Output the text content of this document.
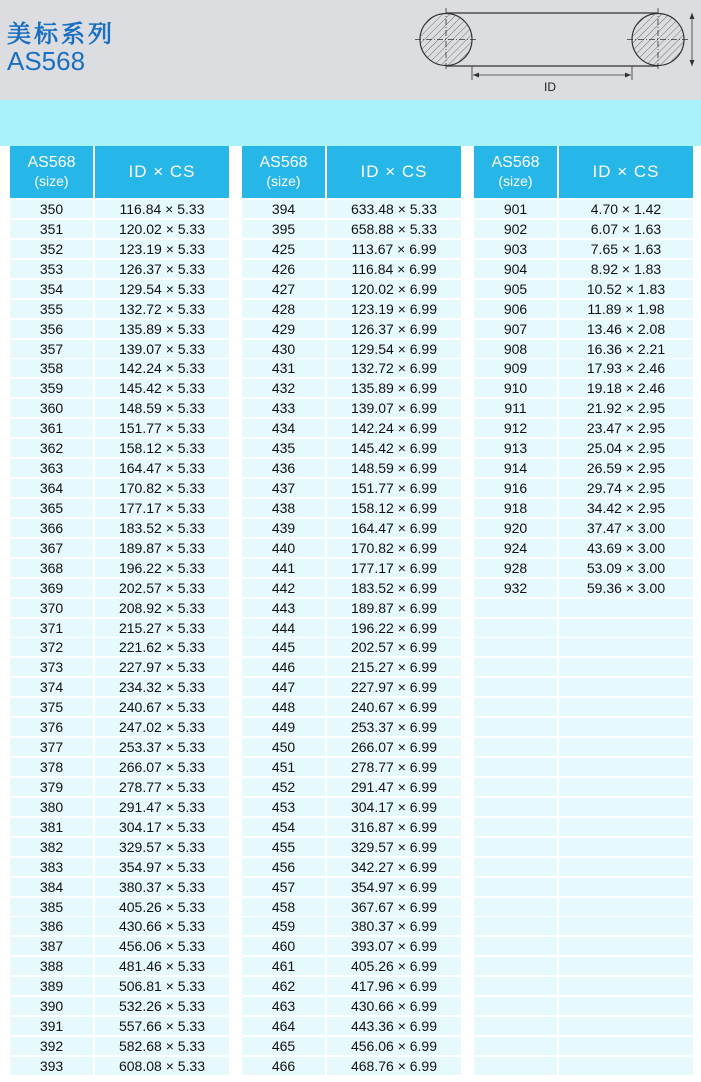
美标系列
AS568
ID
AS568
(size)	ID × CS
350	116.84 × 5.33
351	120.02 × 5.33
352	123.19 × 5.33
353	126.37 × 5.33
354	129.54 × 5.33
355	132.72 × 5.33
356	135.89 × 5.33
357	139.07 × 5.33
358	142.24 × 5.33
359	145.42 × 5.33
360	148.59 × 5.33
361	151.77 × 5.33
362	158.12 × 5.33
363	164.47 × 5.33
364	170.82 × 5.33
365	177.17 × 5.33
366	183.52 × 5.33
367	189.87 × 5.33
368	196.22 × 5.33
369	202.57 × 5.33
370	208.92 × 5.33
371	215.27 × 5.33
372	221.62 × 5.33
373	227.97 × 5.33
374	234.32 × 5.33
375	240.67 × 5.33
376	247.02 × 5.33
377	253.37 × 5.33
378	266.07 × 5.33
379	278.77 × 5.33
380	291.47 × 5.33
381	304.17 × 5.33
382	329.57 × 5.33
383	354.97 × 5.33
384	380.37 × 5.33
385	405.26 × 5.33
386	430.66 × 5.33
387	456.06 × 5.33
388	481.46 × 5.33
389	506.81 × 5.33
390	532.26 × 5.33
391	557.66 × 5.33
392	582.68 × 5.33
393	608.08 × 5.33
AS568
(size)	ID × CS
394	633.48 × 5.33
395	658.88 × 5.33
425	113.67 × 6.99
426	116.84 × 6.99
427	120.02 × 6.99
428	123.19 × 6.99
429	126.37 × 6.99
430	129.54 × 6.99
431	132.72 × 6.99
432	135.89 × 6.99
433	139.07 × 6.99
434	142.24 × 6.99
435	145.42 × 6.99
436	148.59 × 6.99
437	151.77 × 6.99
438	158.12 × 6.99
439	164.47 × 6.99
440	170.82 × 6.99
441	177.17 × 6.99
442	183.52 × 6.99
443	189.87 × 6.99
444	196.22 × 6.99
445	202.57 × 6.99
446	215.27 × 6.99
447	227.97 × 6.99
448	240.67 × 6.99
449	253.37 × 6.99
450	266.07 × 6.99
451	278.77 × 6.99
452	291.47 × 6.99
453	304.17 × 6.99
454	316.87 × 6.99
455	329.57 × 6.99
456	342.27 × 6.99
457	354.97 × 6.99
458	367.67 × 6.99
459	380.37 × 6.99
460	393.07 × 6.99
461	405.26 × 6.99
462	417.96 × 6.99
463	430.66 × 6.99
464	443.36 × 6.99
465	456.06 × 6.99
466	468.76 × 6.99
AS568
(size)	ID × CS
901	4.70 × 1.42
902	6.07 × 1.63
903	7.65 × 1.63
904	8.92 × 1.83
905	10.52 × 1.83
906	11.89 × 1.98
907	13.46 × 2.08
908	16.36 × 2.21
909	17.93 × 2.46
910	19.18 × 2.46
911	21.92 × 2.95
912	23.47 × 2.95
913	25.04 × 2.95
914	26.59 × 2.95
916	29.74 × 2.95
918	34.42 × 2.95
920	37.47 × 3.00
924	43.69 × 3.00
928	53.09 × 3.00
932	59.36 × 3.00
